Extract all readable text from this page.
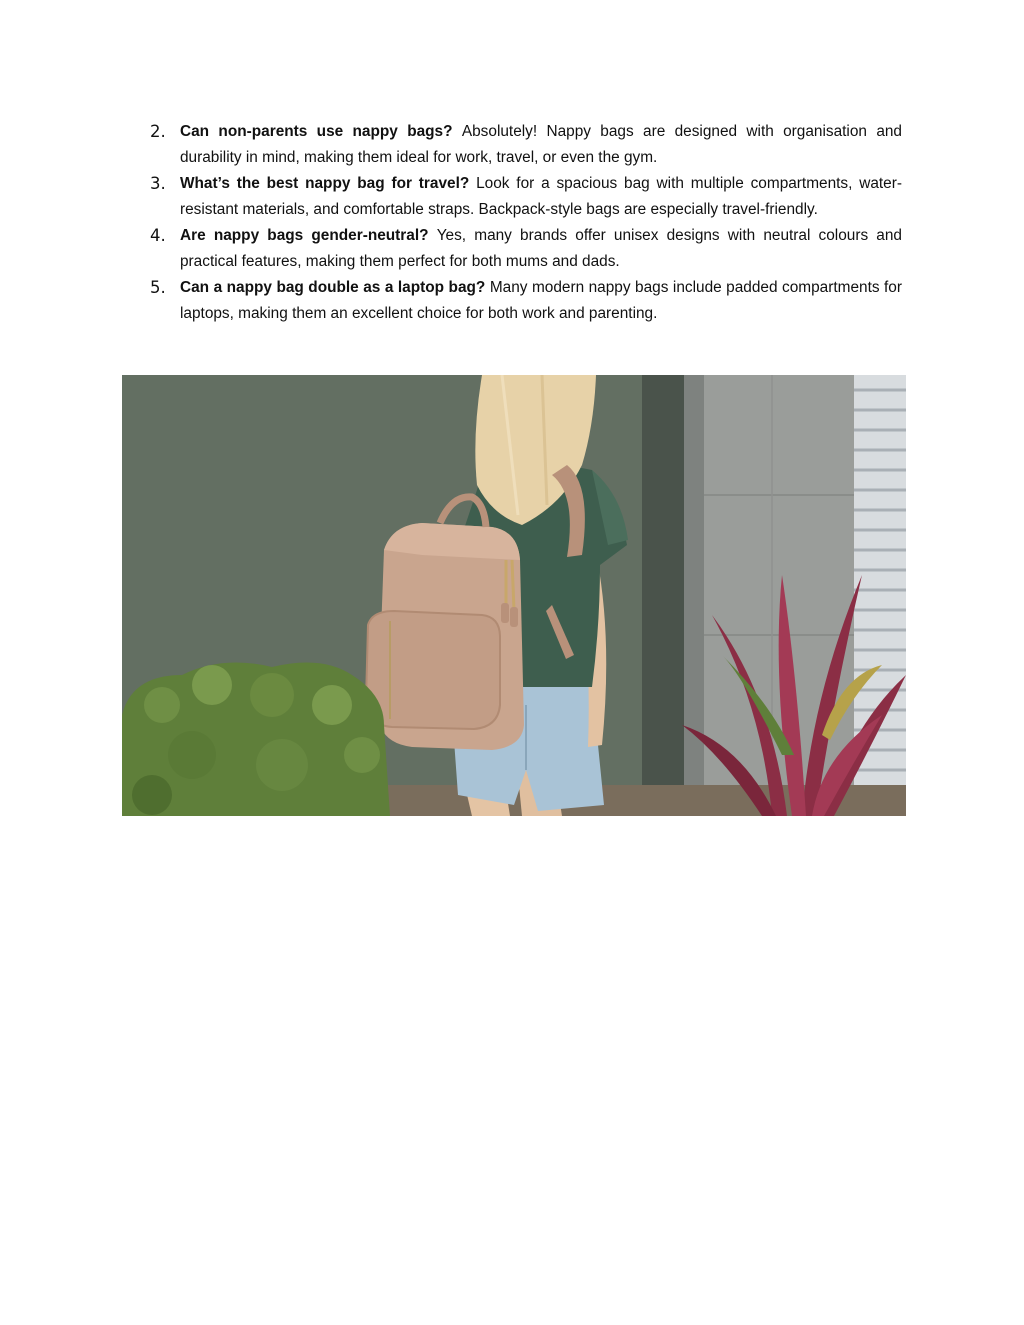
2. Can non-parents use nappy bags? Absolutely! Nappy bags are designed with organisation and durability in mind, making them ideal for work, travel, or even the gym.
3. What’s the best nappy bag for travel? Look for a spacious bag with multiple compartments, water-resistant materials, and comfortable straps. Backpack-style bags are especially travel-friendly.
4. Are nappy bags gender-neutral? Yes, many brands offer unisex designs with neutral colours and practical features, making them perfect for both mums and dads.
5. Can a nappy bag double as a laptop bag? Many modern nappy bags include padded compartments for laptops, making them an excellent choice for both work and parenting.
